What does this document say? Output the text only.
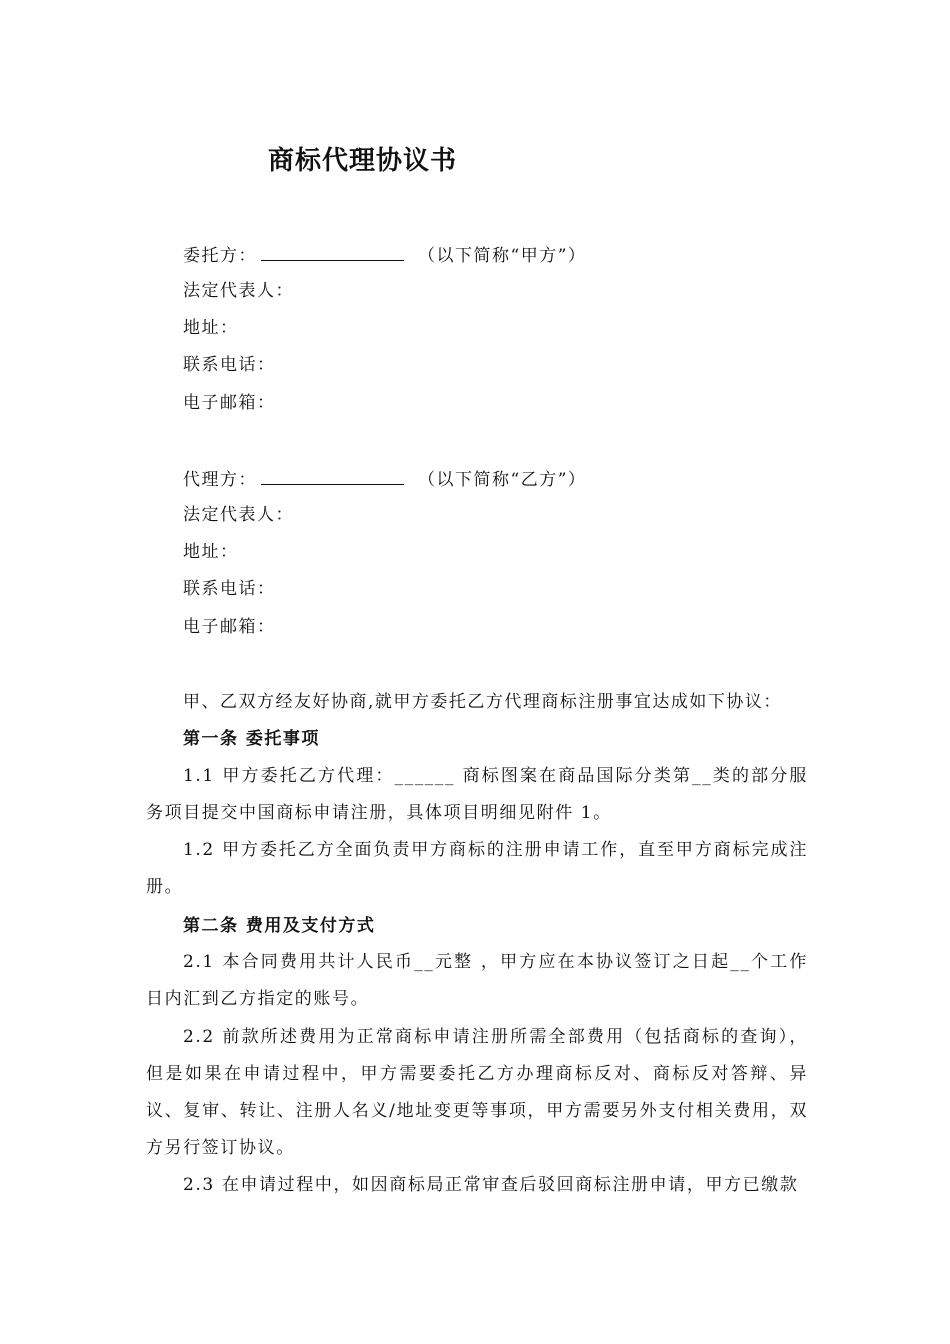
商标代理协议书
委托方：	（以下简称“甲方”）
法定代表人：
地址：
联系电话：
电子邮箱：
代理方：	（以下简称“乙方”）
法定代表人：
地址：
联系电话：
电子邮箱：
甲、乙双方经友好协商,就甲方委托乙方代理商标注册事宜达成如下协议：
第一条 委托事项
1.1 甲方委托乙方代理：______ 商标图案在商品国际分类第__类的部分服务项目提交中国商标申请注册，具体项目明细见附件 1。
1.2 甲方委托乙方全面负责甲方商标的注册申请工作，直至甲方商标完成注册。
第二条 费用及支付方式
2.1 本合同费用共计人民币__元整 ，甲方应在本协议签订之日起__个工作日内汇到乙方指定的账号。
2.2 前款所述费用为正常商标申请注册所需全部费用（包括商标的查询），但是如果在申请过程中，甲方需要委托乙方办理商标反对、商标反对答辩、异议、复审、转让、注册人名义/地址变更等事项，甲方需要另外支付相关费用，双方另行签订协议。
2.3 在申请过程中，如因商标局正常审查后驳回商标注册申请，甲方已缴款
